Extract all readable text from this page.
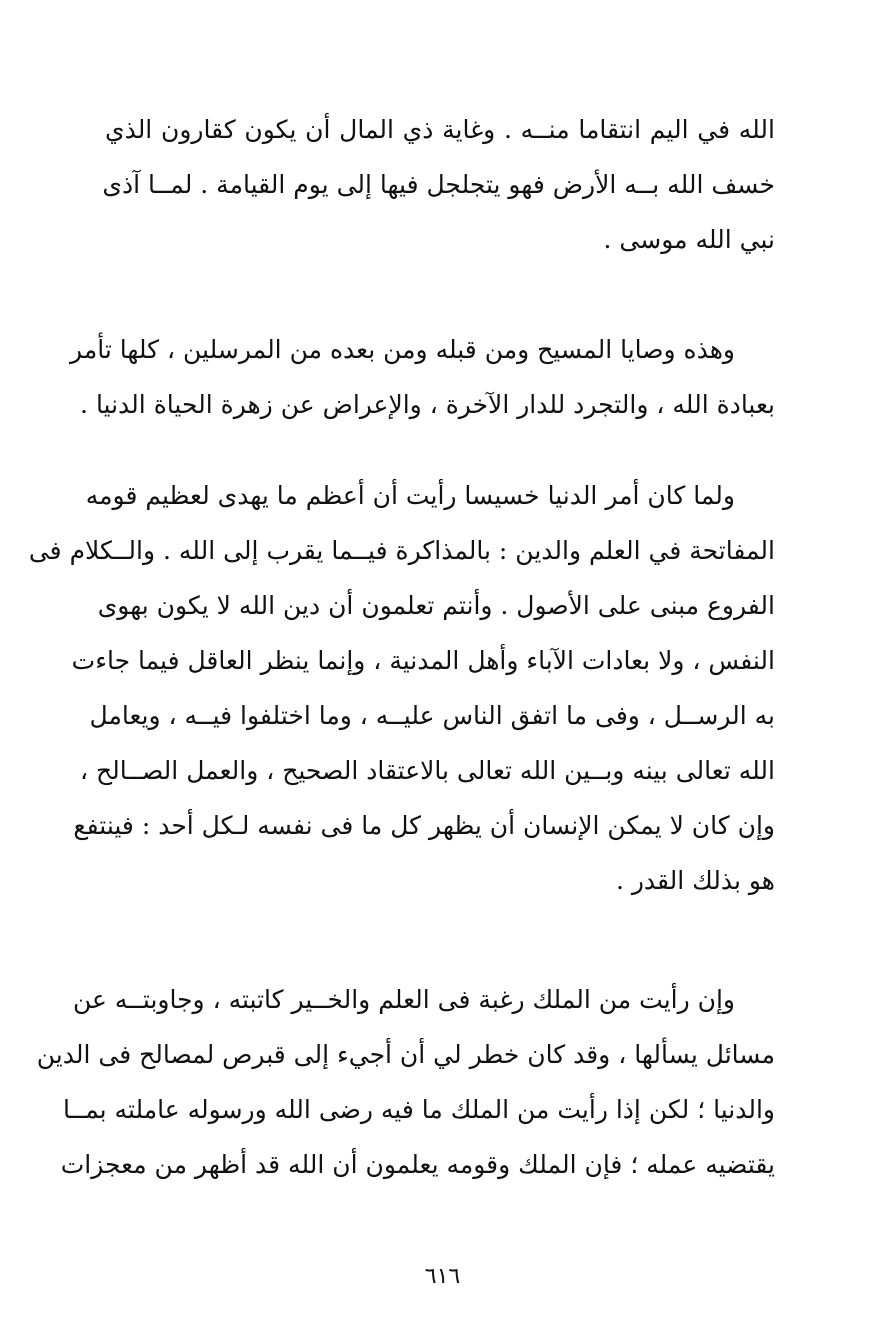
الله في اليم انتقاما منــه . وغاية ذي المال أن يكون كقارون الذي
خسف الله بــه الأرض فهو يتجلجل فيها إلى يوم القيامة . لمــا آذى
نبي الله موسى .
وهذه وصايا المسيح ومن قبله ومن بعده من المرسلين ، كلها تأمر
بعبادة الله ، والتجرد للدار الآخرة ، والإعراض عن زهرة الحياة الدنيا .
ولما كان أمر الدنيا خسيسا رأيت أن أعظم ما يهدى لعظيم قومه
المفاتحة في العلم والدين : بالمذاكرة فيــما يقرب إلى الله . والــكلام فى
الفروع مبنى على الأصول . وأنتم تعلمون أن دين الله لا يكون بهوى
النفس ، ولا بعادات الآباء وأهل المدنية ، وإنما ينظر العاقل فيما جاءت
به الرســل ، وفى ما اتفق الناس عليــه ، وما اختلفوا فيــه ، ويعامل
الله تعالى بينه وبــين الله تعالى بالاعتقاد الصحيح ، والعمل الصــالح ،
وإن كان لا يمكن الإنسان أن يظهر كل ما فى نفسه لـكل أحد : فينتفع
هو بذلك القدر .
وإن رأيت من الملك رغبة فى العلم والخــير كاتبته ، وجاوبتــه عن
مسائل يسألها ، وقد كان خطر لي أن أجيء إلى قبرص لمصالح فى الدين
والدنيا ؛ لكن إذا رأيت من الملك ما فيه رضى الله ورسوله عاملته بمــا
يقتضيه عمله ؛ فإن الملك وقومه يعلمون أن الله قد أظهر من معجزات
٦١٦
